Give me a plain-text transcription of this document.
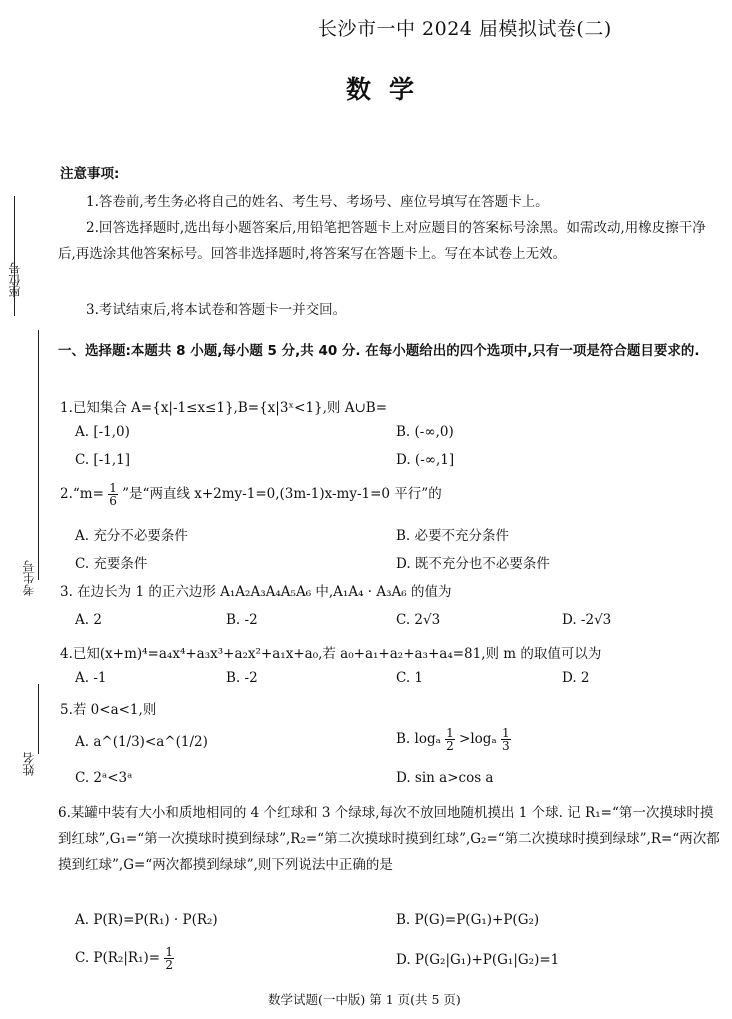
长沙市一中 2024 届模拟试卷(二)
数学
座位号
考生号
姓名
注意事项:
1.答卷前,考生务必将自己的姓名、考生号、考场号、座位号填写在答题卡上。
2.回答选择题时,选出每小题答案后,用铅笔把答题卡上对应题目的答案标号涂黑。如需改动,用橡皮擦干净后,再选涂其他答案标号。回答非选择题时,将答案写在答题卡上。写在本试卷上无效。
3.考试结束后,将本试卷和答题卡一并交回。
一、选择题:本题共 8 小题,每小题 5 分,共 40 分. 在每小题给出的四个选项中,只有一项是符合题目要求的.
1.已知集合 A={x|-1≤x≤1},B={x|3ˣ<1},则 A∪B=
A. [-1,0)	B. (-∞,0)
C. [-1,1]	D. (-∞,1]
2.“m= $\frac{1}{6}$ ”是“两直线 x+2my-1=0,(3m-1)x-my-1=0 平行”的
A. 充分不必要条件	B. 必要不充分条件
C. 充要条件	D. 既不充分也不必要条件
3. 在边长为 1 的正六边形 A₁A₂A₃A₄A₅A₆ 中,A₁A₄ · A₃A₆ 的值为
A. 2	B. -2	C. 2√3	D. -2√3
4.已知(x+m)⁴=a₄x⁴+a₃x³+a₂x²+a₁x+a₀,若 a₀+a₁+a₂+a₃+a₄=81,则 m 的取值可以为
A. -1	B. -2	C. 1	D. 2
5.若 0<a<1,则
A. a^(1/3)<a^(1/2)	B. logₐ $\frac{1}{2} >\log_a \frac{1}{3}$
C. 2ᵃ<3ᵃ	D. sin a>cos a
6.某罐中装有大小和质地相同的 4 个红球和 3 个绿球,每次不放回地随机摸出 1 个球. 记 R₁=“第一次摸球时摸到红球”,G₁=“第一次摸球时摸到绿球”,R₂=“第二次摸球时摸到红球”,G₂=“第二次摸球时摸到绿球”,R=“两次都摸到红球”,G=“两次都摸到绿球”,则下列说法中正确的是
A. P(R)=P(R₁) · P(R₂)	B. P(G)=P(G₁)+P(G₂)
C. $P(R_2|R_1)= \frac{1}{2}$	D. P(G₂|G₁)+P(G₁|G₂)=1
数学试题(一中版) 第 1 页(共 5 页)
